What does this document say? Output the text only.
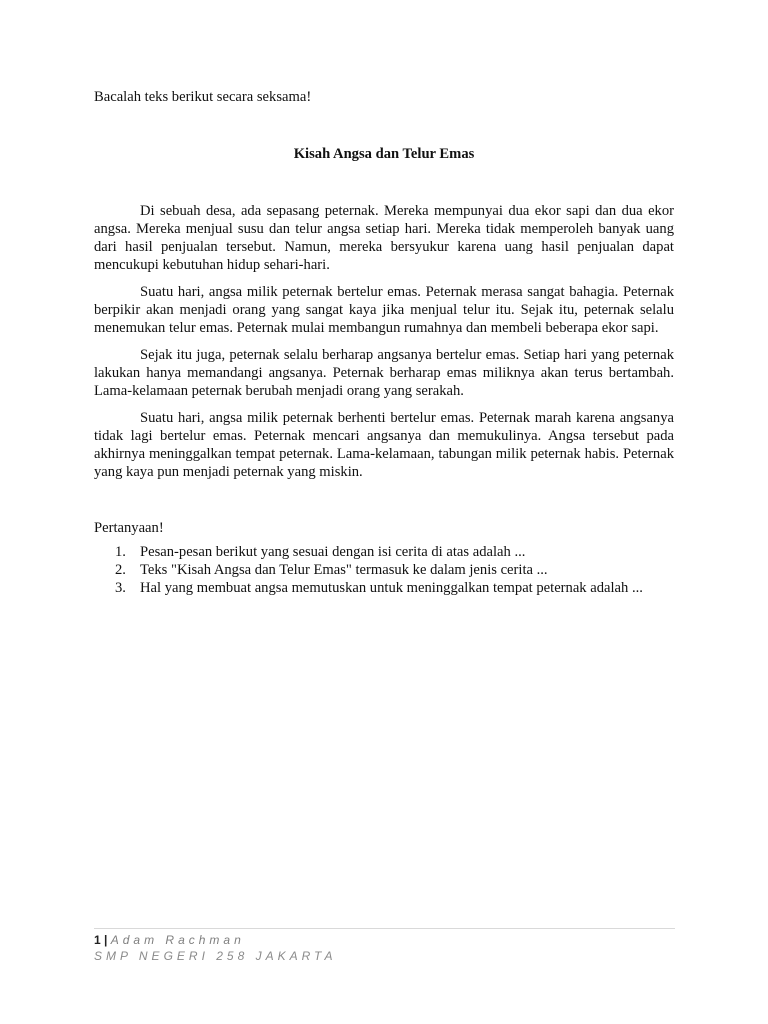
Bacalah teks berikut secara seksama!

Kisah Angsa dan Telur Emas

Di sebuah desa, ada sepasang peternak. Mereka mempunyai dua ekor sapi dan dua ekor angsa. Mereka menjual susu dan telur angsa setiap hari. Mereka tidak memperoleh banyak uang dari hasil penjualan tersebut. Namun, mereka bersyukur karena uang hasil penjualan dapat mencukupi kebutuhan hidup sehari-hari.

Suatu hari, angsa milik peternak bertelur emas. Peternak merasa sangat bahagia. Peternak berpikir akan menjadi orang yang sangat kaya jika menjual telur itu. Sejak itu, peternak selalu menemukan telur emas. Peternak mulai membangun rumahnya dan membeli beberapa ekor sapi.

Sejak itu juga, peternak selalu berharap angsanya bertelur emas. Setiap hari yang peternak lakukan hanya memandangi angsanya. Peternak berharap emas miliknya akan terus bertambah. Lama-kelamaan peternak berubah menjadi orang yang serakah.

Suatu hari, angsa milik peternak berhenti bertelur emas. Peternak marah karena angsanya tidak lagi bertelur emas. Peternak mencari angsanya dan memukulinya. Angsa tersebut pada akhirnya meninggalkan tempat peternak. Lama-kelamaan, tabungan milik peternak habis. Peternak yang kaya pun menjadi peternak yang miskin.

Pertanyaan!

1. Pesan-pesan berikut yang sesuai dengan isi cerita di atas adalah ...
2. Teks "Kisah Angsa dan Telur Emas" termasuk ke dalam jenis cerita ...
3. Hal yang membuat angsa memutuskan untuk meninggalkan tempat peternak adalah ...
1 | Adam Rachman
SMP NEGERI 258 JAKARTA
